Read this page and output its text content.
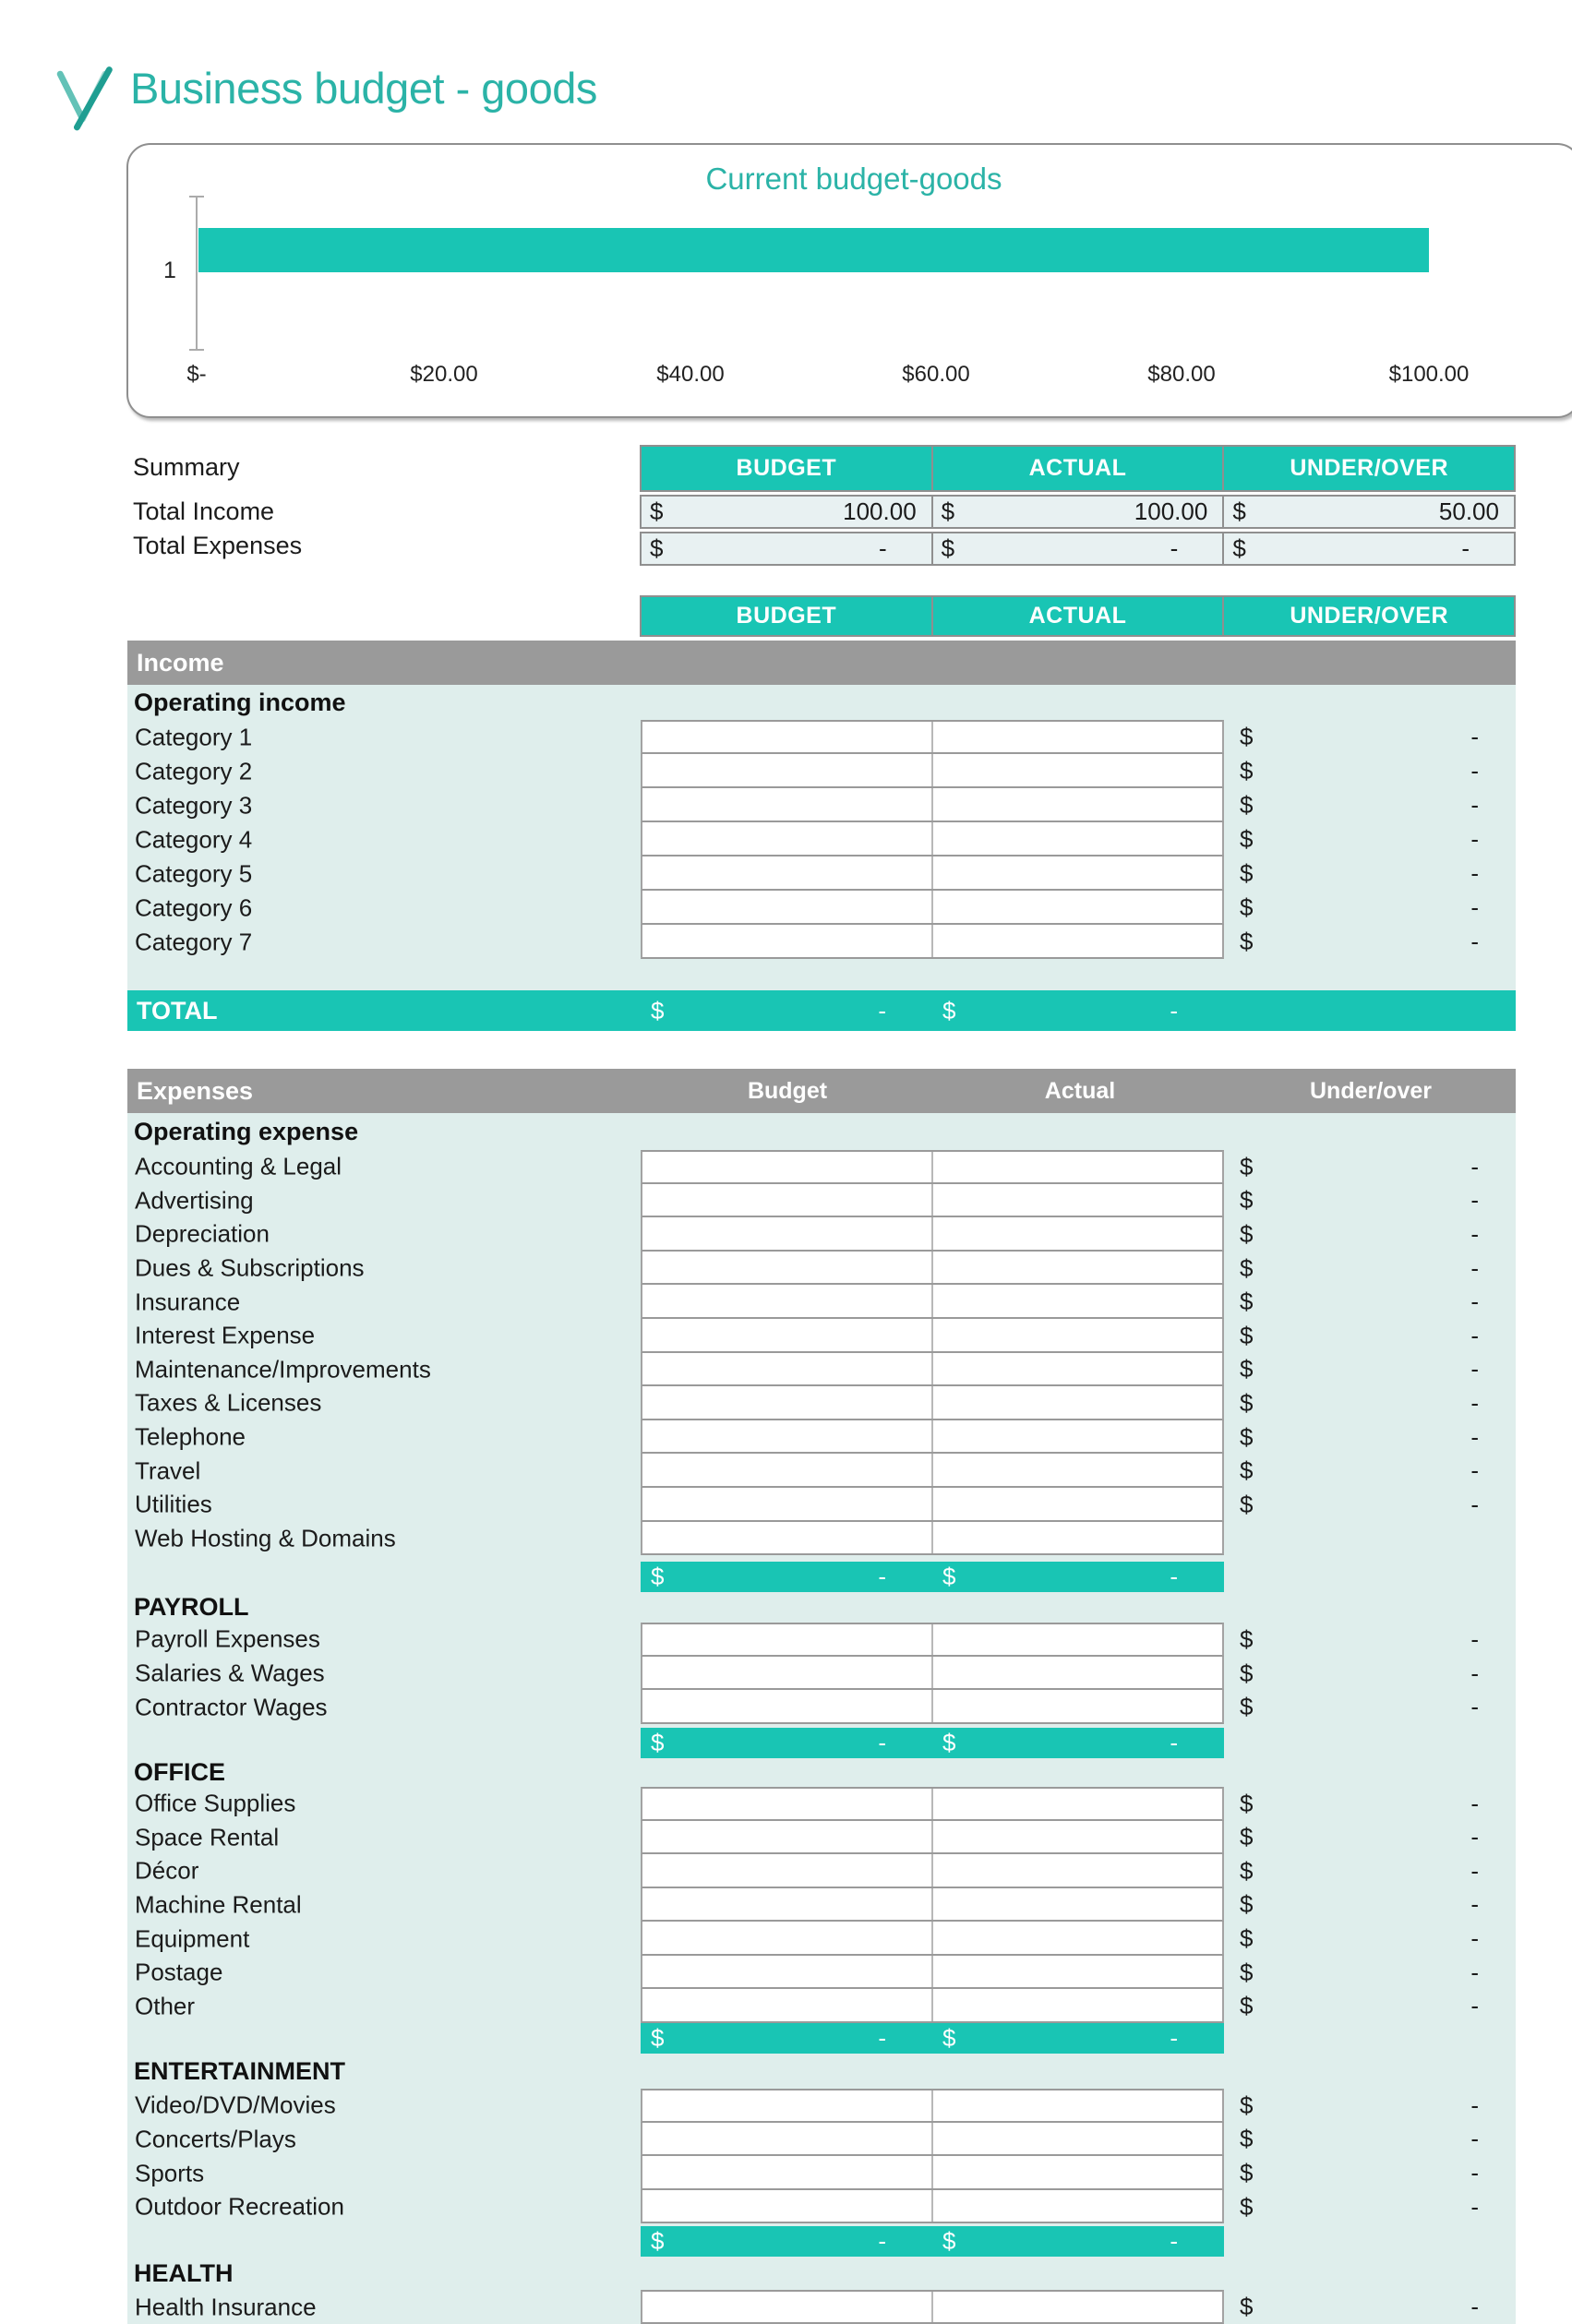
Business budget - goods
Current budget-goods
1
$-	$20.00	$40.00	$60.00	$80.00	$100.00
Summary
Total Income
Total Expenses
BUDGET	ACTUAL	UNDER/OVER
$	100.00 $	100.00 $	50.00
$	-	$	-	$	-
BUDGET	ACTUAL	UNDER/OVER
Income
Operating income
Category 1	$	-
Category 2	$	-
Category 3	$	-
Category 4	$	-
Category 5	$	-
Category 6	$	-
Category 7	$	-
TOTAL	$	- $	-
Expenses	Budget	Actual	Under/over
Operating expense
Accounting & Legal	$	-
Advertising	$	-
Depreciation	$	-
Dues & Subscriptions	$	-
Insurance	$	-
Interest Expense	$	-
Maintenance/Improvements	$	-
Taxes & Licenses	$	-
Telephone	$	-
Travel	$	-
Utilities	$	-
Web Hosting & Domains
$	- $	-
PAYROLL
Payroll Expenses	$	-
Salaries & Wages	$	-
Contractor Wages	$	-
$	- $	-
OFFICE
Office Supplies	$	-
Space Rental	$	-
Décor	$	-
Machine Rental	$	-
Equipment	$	-
Postage	$	-
Other	$	-
$	- $	-
ENTERTAINMENT
Video/DVD/Movies	$	-
Concerts/Plays	$	-
Sports	$	-
Outdoor Recreation	$	-
$	- $	-
HEALTH
Health Insurance	$	-
